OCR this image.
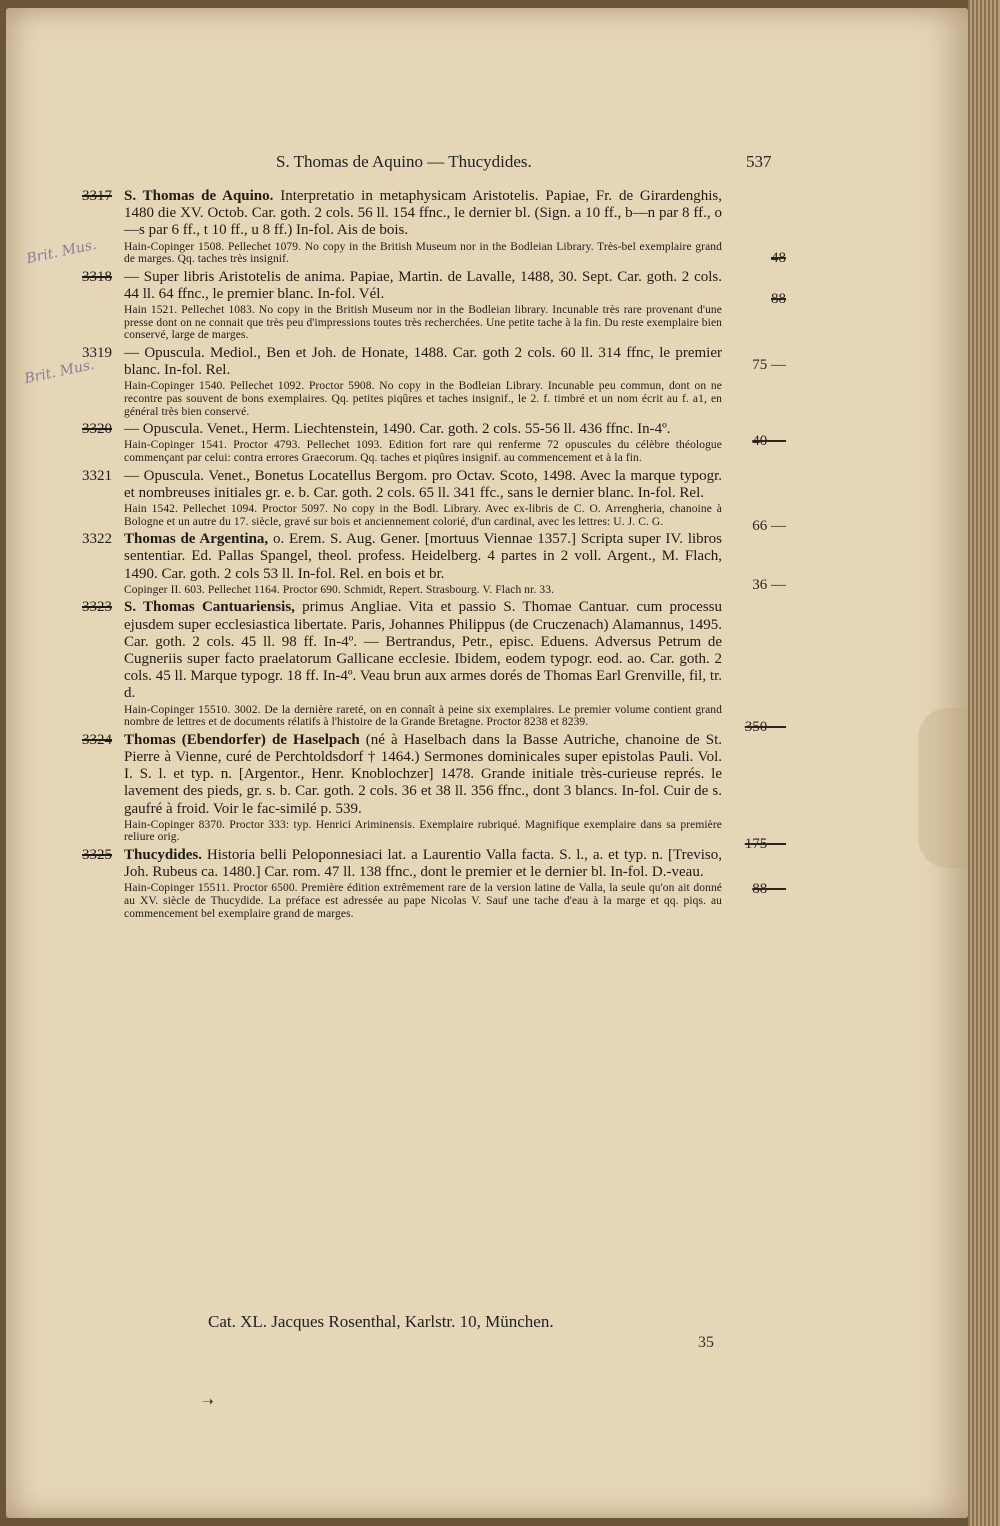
S. Thomas de Aquino — Thucydides.	537
Brit. Mus.
Brit. Mus.
3317
48
S. Thomas de Aquino. Interpretatio in metaphysicam Aristotelis. Papiae, Fr. de Girardenghis, 1480 die XV. Octob. Car. goth. 2 cols. 56 ll. 154 ffnc., le dernier bl. (Sign. a 10 ff., b—n par 8 ff., o—s par 6 ff., t 10 ff., u 8 ff.) In-fol. Ais de bois.
Hain-Copinger 1508. Pellechet 1079. No copy in the British Museum nor in the Bodleian Library. Très-bel exemplaire grand de marges. Qq. taches très insignif.
3318
88
— Super libris Aristotelis de anima. Papiae, Martin. de Lavalle, 1488, 30. Sept. Car. goth. 2 cols. 44 ll. 64 ffnc., le premier blanc. In-fol. Vél.
Hain 1521. Pellechet 1083. No copy in the British Museum nor in the Bodleian library. Incunable très rare provenant d'une presse dont on ne connait que très peu d'impressions toutes très recherchées. Une petite tache à la fin. Du reste exemplaire bien conservé, large de marges.
3319
75 —
— Opuscula. Mediol., Ben et Joh. de Honate, 1488. Car. goth 2 cols. 60 ll. 314 ffnc, le premier blanc. In-fol. Rel.
Hain-Copinger 1540. Pellechet 1092. Proctor 5908. No copy in the Bodleian Library. Incunable peu commun, dont on ne recontre pas souvent de bons exemplaires. Qq. petites piqûres et taches insignif., le 2. f. timbré et un nom écrit au f. a1, en général très bien conservé.
3320
40 —
— Opuscula. Venet., Herm. Liechtenstein, 1490. Car. goth. 2 cols. 55-56 ll. 436 ffnc. In-4º.
Hain-Copinger 1541. Proctor 4793. Pellechet 1093. Edition fort rare qui renferme 72 opuscules du célèbre théologue commençant par celui: contra errores Graecorum. Qq. taches et piqûres insignif. au commencement et à la fin.
3321
66 —
— Opuscula. Venet., Bonetus Locatellus Bergom. pro Octav. Scoto, 1498. Avec la marque typogr. et nombreuses initiales gr. e. b. Car. goth. 2 cols. 65 ll. 341 ffc., sans le dernier blanc. In-fol. Rel.
Hain 1542. Pellechet 1094. Proctor 5097. No copy in the Bodl. Library. Avec ex-libris de C. O. Arrengheria, chanoine à Bologne et un autre du 17. siècle, gravé sur bois et anciennement colorié, d'un cardinal, avec les lettres: U. J. C. G.
3322
36 —
Thomas de Argentina, o. Erem. S. Aug. Gener. [mortuus Viennae 1357.] Scripta super IV. libros sententiar. Ed. Pallas Spangel, theol. profess. Heidelberg. 4 partes in 2 voll. Argent., M. Flach, 1490. Car. goth. 2 cols 53 ll. In-fol. Rel. en bois et br.
Copinger II. 603. Pellechet 1164. Proctor 690. Schmidt, Repert. Strasbourg. V. Flach nr. 33.
3323
350 —
S. Thomas Cantuariensis, primus Angliae. Vita et passio S. Thomae Cantuar. cum processu ejusdem super ecclesiastica libertate. Paris, Johannes Philippus (de Cruczenach) Alamannus, 1495. Car. goth. 2 cols. 45 ll. 98 ff. In-4º. — Bertrandus, Petr., episc. Eduens. Adversus Petrum de Cugneriis super facto praelatorum Gallicane ecclesie. Ibidem, eodem typogr. eod. ao. Car. goth. 2 cols. 45 ll. Marque typogr. 18 ff. In-4º. Veau brun aux armes dorés de Thomas Earl Grenville, fil, tr. d.
Hain-Copinger 15510. 3002. De la dernière rareté, on en connaît à peine six exemplaires. Le premier volume contient grand nombre de lettres et de documents rélatifs à l'histoire de la Grande Bretagne. Proctor 8238 et 8239.
3324
175 —
Thomas (Ebendorfer) de Haselpach (né à Haselbach dans la Basse Autriche, chanoine de St. Pierre à Vienne, curé de Perchtoldsdorf † 1464.) Sermones dominicales super epistolas Pauli. Vol. I. S. l. et typ. n. [Argentor., Henr. Knoblochzer] 1478. Grande initiale très-curieuse représ. le lavement des pieds, gr. s. b. Car. goth. 2 cols. 36 et 38 ll. 356 ffnc., dont 3 blancs. In-fol. Cuir de s. gaufré à froid. Voir le fac-similé p. 539.
Hain-Copinger 8370. Proctor 333: typ. Henrici Ariminensis. Exemplaire rubriqué. Magnifique exemplaire dans sa première reliure orig.
3325
88 —
Thucydides. Historia belli Peloponnesiaci lat. a Laurentio Valla facta. S. l., a. et typ. n. [Treviso, Joh. Rubeus ca. 1480.] Car. rom. 47 ll. 138 ffnc., dont le premier et le dernier bl. In-fol. D.-veau.
Hain-Copinger 15511. Proctor 6500. Première édition extrêmement rare de la version latine de Valla, la seule qu'on ait donné au XV. siècle de Thucydide. La préface est adressée au pape Nicolas V. Sauf une tache d'eau à la marge et qq. piqs. au commencement bel exemplaire grand de marges.
Cat. XL. Jacques Rosenthal, Karlstr. 10, München.
35
➝
